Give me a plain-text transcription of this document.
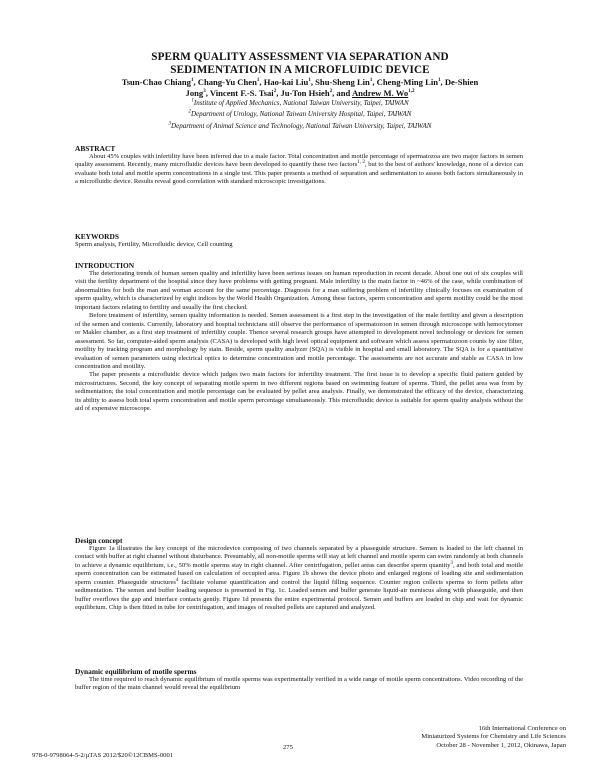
SPERM QUALITY ASSESSMENT VIA SEPARATION AND
SEDIMENTATION IN A MICROFLUIDIC DEVICE
Tsun-Chao Chiang$^1$, Chang-Yu Chen$^1$, Hao-kai Liu$^1$, Shu-Sheng Lin$^1$, Cheng-Ming Lin$^1$, De-Shien
Jong$^3$, Vincent F.-S. Tsai$^2$, Ju-Ton Hsieh$^2$, and Andrew M. Wo$^{1,2}$
$^1$Institute of Applied Mechanics, National Taiwan University, Taipei, TAIWAN
$^2$Department of Urology, National Taiwan University Hospital, Taipei, TAIWAN
$^3$Department of Animal Science and Technology, National Taiwan University, Taipei, TAIWAN

ABSTRACT

About 45% couples with infertility have been inferred due to a male factor. Total concentration and motile percentage of spermatozoa are two major factors in semen quality assessment. Recently, many microfluidic devices have been developed to quantify these two factors$^{1, 2}$, but to the best of authors' knowledge, none of a device can evaluate both total and motile sperm concentrations in a single test. This paper presents a method of separation and sedimentation to assess both factors simultaneously in a microfluidic device. Results reveal good correlation with standard microscopic investigations.

KEYWORDS

Sperm analysis, Fertility, Microfluidic device, Cell counting

INTRODUCTION

The deteriorating trends of human semen quality and infertility have been serious issues on human reproduction in recent decade. About one out of six couples will visit the fertility department of the hospital since they have problems with getting pregnant. Male infertility is the main factor in ~46% of the case, while combination of abnormalities for both the man and woman account for the same percentage. Diagnosis for a man suffering problem of infertility clinically focuses on examination of sperm quality, which is characterized by eight indices by the World Health Organization. Among these factors, sperm concentration and sperm motility could be the most important factors relating to fertility and usually the first checked.

Before treatment of infertility, semen quality information is needed. Semen assessment is a first step in the investigation of the male fertility and given a description of the semen and contents. Currently, laboratory and hospital technicians still observe the performance of spermatozoon in semen through microscope with hemocytomer or Makler chamber, as a first step treatment of infertility couple. Thence several research groups have attempted to development novel technology or devices for semen assessment. So far, computer-aided sperm analysis (CASA) is developed with high level optical equipment and software which assess spermatozoon counts by size filter, motility by tracking program and morphology by stain. Beside, sperm quality analyzer (SQA) is visible in hospital and small laboratory. The SQA is for a quantitative evaluation of semen parameters using electrical optics to determine concentration and motile percentage. The assessments are not accurate and stable as CASA in low concentration and motility.

The paper presents a microfluidic device which judges two main factors for infertility treatment. The first issue is to develop a specific fluid pattern guided by microstructures. Second, the key concept of separating motile sperm in two different regions based on swimming feature of sperms. Third, the pellet area was from by sedimentation; the total concentration and motile percentage can be evaluated by pellet area analysis. Finally, we demonstrated the efficacy of the device, characterizing its ability to assess both total sperm concentration and motile sperm percentage simultaneously. This microfluidic device is suitable for sperm quality analysis without the aid of expensive microscope.

Design concept

Figure 1a illustrates the key concept of the microdevice composing of two channels separated by a phaseguide structure. Semen is loaded to the left channel in contact with buffer at right channel without disturbance. Presumably, all non-motile sperms will stay at left channel and motile sperm can swim randomly at both channels to achieve a dynamic equilibrium, i.e., 50% motile sperms stay in right channel. After centrifugation, pellet areas can describe sperm quantity$^3$, and both total and motile sperm concentration can be estimated based on calculation of occupied area. Figure 1b shows the device photo and enlarged regions of loading site and sedimentation sperm counter. Phaseguide structures$^4$ facilitate volume quantification and control the liquid filling sequence. Counter region collects sperms to form pellets after sedimentation. The semen and buffer loading sequence is presented in Fig. 1c. Loaded semen and buffer generate liquid-air meniscus along with phaseguide, and then buffer overflows the gap and interface contacts gently. Figure 1d presents the entire experimental protocol. Semen and buffers are loaded in chip and wait for dynamic equilibrium. Chip is then fitted in tube for centrifugation, and images of resulted pellets are captured and analyzed.

Dynamic equilibrium of motile sperms

The time required to reach dynamic equilibrium of motile sperms was experimentally verified in a wide range of motile sperm concentrations. Video recording of the buffer region of the main channel would reveal the equilibrium

978-0-9798064-5-2/µTAS 2012/$20©12CBMS-0001
275
16th International Conference on
Miniaturized Systems for Chemistry and Life Sciences
October 28 - November 1, 2012, Okinawa, Japan
